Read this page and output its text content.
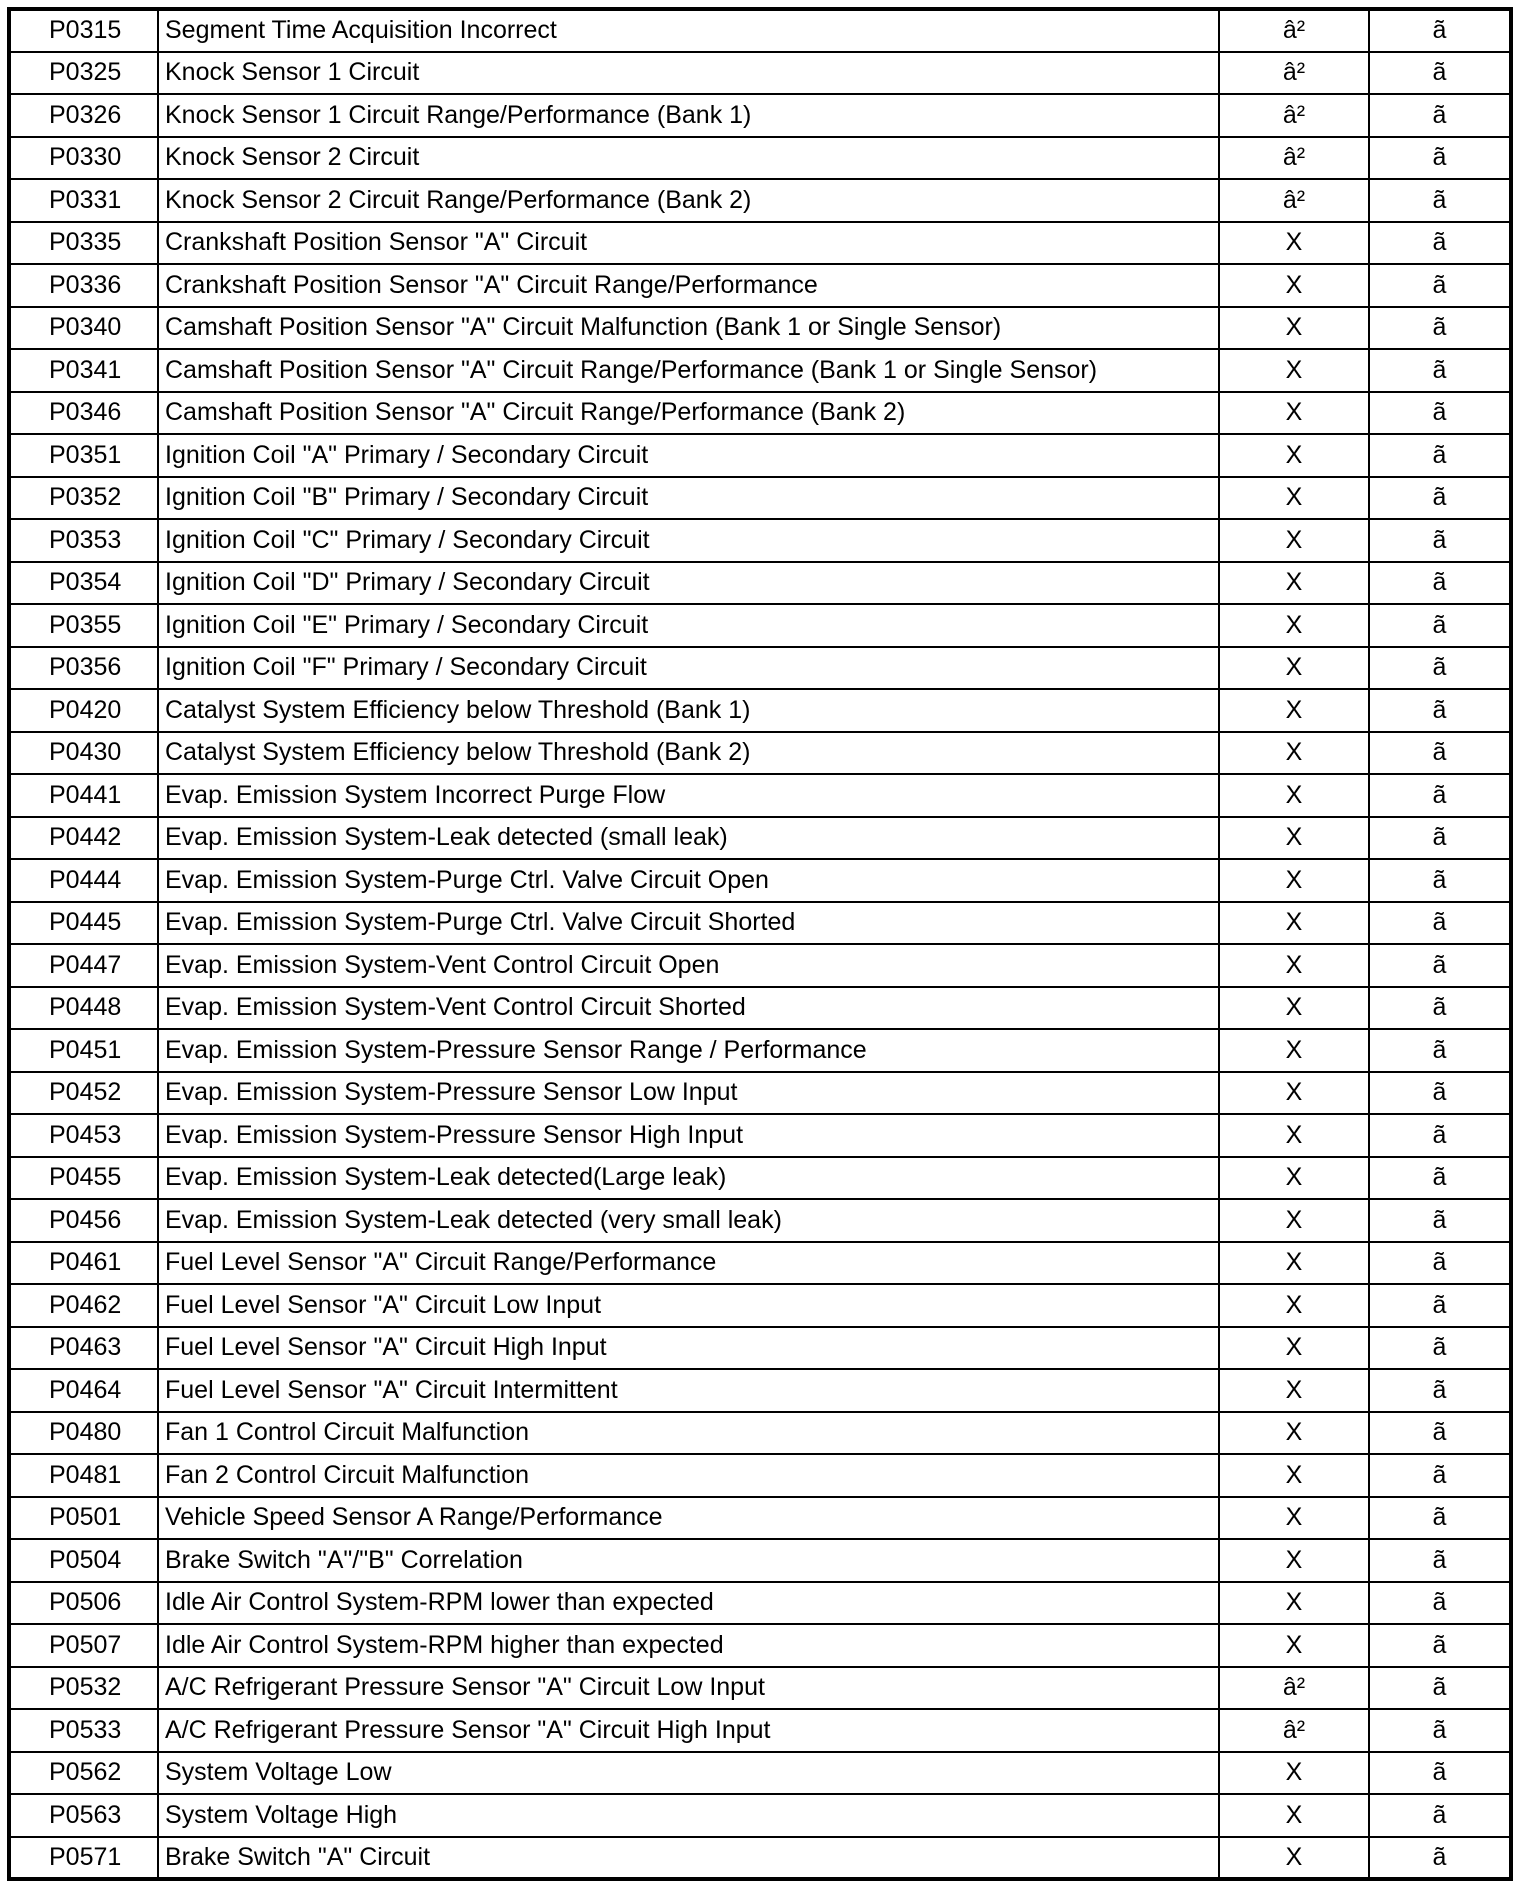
P0315	Segment Time Acquisition Incorrect	â²	ã
P0325	Knock Sensor 1 Circuit	â²	ã
P0326	Knock Sensor 1 Circuit Range/Performance (Bank 1)	â²	ã
P0330	Knock Sensor 2 Circuit	â²	ã
P0331	Knock Sensor 2 Circuit Range/Performance (Bank 2)	â²	ã
P0335	Crankshaft Position Sensor "A" Circuit	X	ã
P0336	Crankshaft Position Sensor "A" Circuit Range/Performance	X	ã
P0340	Camshaft Position Sensor "A" Circuit Malfunction (Bank 1 or Single Sensor)	X	ã
P0341	Camshaft Position Sensor "A" Circuit Range/Performance (Bank 1 or Single Sensor)	X	ã
P0346	Camshaft Position Sensor "A" Circuit Range/Performance (Bank 2)	X	ã
P0351	Ignition Coil "A" Primary / Secondary Circuit	X	ã
P0352	Ignition Coil "B" Primary / Secondary Circuit	X	ã
P0353	Ignition Coil "C" Primary / Secondary Circuit	X	ã
P0354	Ignition Coil "D" Primary / Secondary Circuit	X	ã
P0355	Ignition Coil "E" Primary / Secondary Circuit	X	ã
P0356	Ignition Coil "F" Primary / Secondary Circuit	X	ã
P0420	Catalyst System Efficiency below Threshold (Bank 1)	X	ã
P0430	Catalyst System Efficiency below Threshold (Bank 2)	X	ã
P0441	Evap. Emission System Incorrect Purge Flow	X	ã
P0442	Evap. Emission System-Leak detected (small leak)	X	ã
P0444	Evap. Emission System-Purge Ctrl. Valve Circuit Open	X	ã
P0445	Evap. Emission System-Purge Ctrl. Valve Circuit Shorted	X	ã
P0447	Evap. Emission System-Vent Control Circuit Open	X	ã
P0448	Evap. Emission System-Vent Control Circuit Shorted	X	ã
P0451	Evap. Emission System-Pressure Sensor Range / Performance	X	ã
P0452	Evap. Emission System-Pressure Sensor Low Input	X	ã
P0453	Evap. Emission System-Pressure Sensor High Input	X	ã
P0455	Evap. Emission System-Leak detected(Large leak)	X	ã
P0456	Evap. Emission System-Leak detected (very small leak)	X	ã
P0461	Fuel Level Sensor "A" Circuit Range/Performance	X	ã
P0462	Fuel Level Sensor "A" Circuit Low Input	X	ã
P0463	Fuel Level Sensor "A" Circuit High Input	X	ã
P0464	Fuel Level Sensor "A" Circuit Intermittent	X	ã
P0480	Fan 1 Control Circuit Malfunction	X	ã
P0481	Fan 2 Control Circuit Malfunction	X	ã
P0501	Vehicle Speed Sensor A Range/Performance	X	ã
P0504	Brake Switch "A"/"B" Correlation	X	ã
P0506	Idle Air Control System-RPM lower than expected	X	ã
P0507	Idle Air Control System-RPM higher than expected	X	ã
P0532	A/C Refrigerant Pressure Sensor "A" Circuit Low Input	â²	ã
P0533	A/C Refrigerant Pressure Sensor "A" Circuit High Input	â²	ã
P0562	System Voltage Low	X	ã
P0563	System Voltage High	X	ã
P0571	Brake Switch "A" Circuit	X	ã
